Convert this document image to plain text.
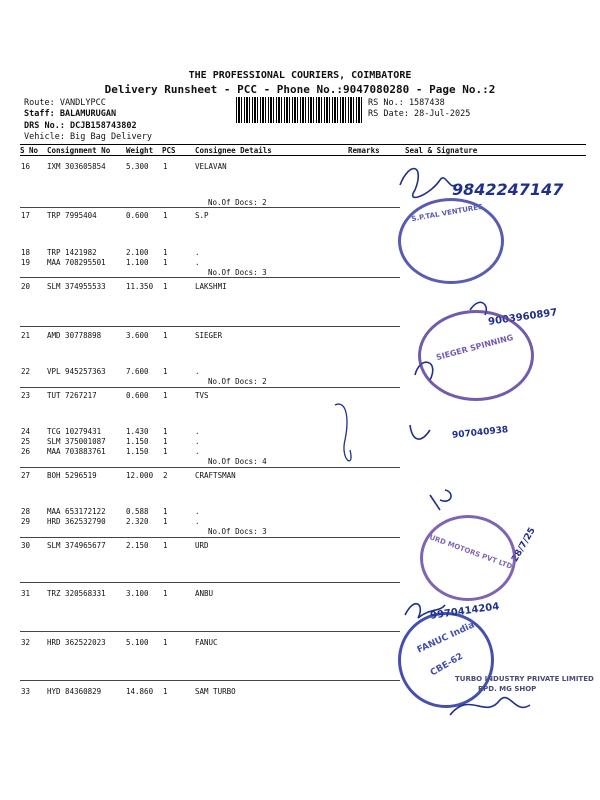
THE PROFESSIONAL COURIERS, COIMBATORE
Delivery Runsheet - PCC - Phone No.:9047080280 - Page No.:2
Route: VANDLYPCC
Staff: BALAMURUGAN
DRS No.: DCJB158743802
Vehicle: Big Bag Delivery
RS No.: 1587438
RS Date: 28-Jul-2025
S No Consignment No Weight PCS	Consignee Details	Remarks	Seal & Signature
16 IXM 303605854	5.300 1	VELAVAN
No.Of Docs: 2
17 TRP 7995404	0.600 1	S.P
18 TRP 1421982	2.100 1	.
19 MAA 708295501	1.100 1	.
No.Of Docs: 3
20 SLM 374955533	11.350 1	LAKSHMI
21 AMD 30778898	3.600 1	SIEGER
22 VPL 945257363	7.600 1	.
No.Of Docs: 2
23 TUT 7267217	0.600 1	TVS
24 TCG 10279431	1.430 1	.
25 SLM 375001087	1.150 1	.
26 MAA 703883761	1.150 1	.
No.Of Docs: 4
27 BOH 5296519	12.000 2	CRAFTSMAN
28 MAA 653172122	0.588 1	.
29 HRD 362532790	2.320 1	.
No.Of Docs: 3
30 SLM 374965677	2.150 1	URD
31 TRZ 320568331	3.100 1	ANBU
32 HRD 362522023	5.100 1	FANUC
33 HYD 84360829	14.860 1	SAM TURBO
9842247147
9003960897
907040938
28/7/25
9970414204
S.P.TAL VENTURES
SIEGER SPINNING
URD MOTORS PVT LTD
FANUC India
CBE-62
TURBO INDUSTRY PRIVATE LIMITED
PPD. MG SHOP
